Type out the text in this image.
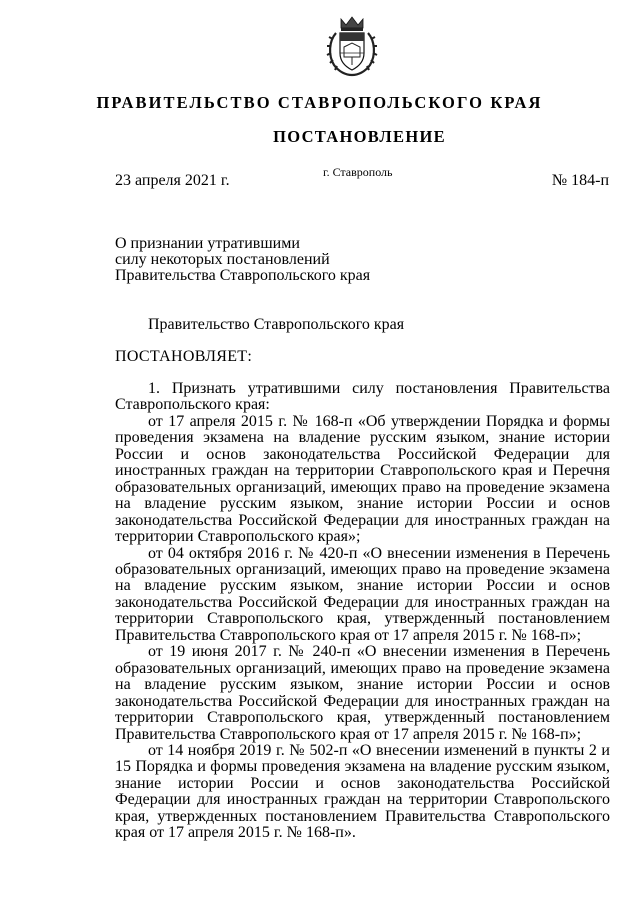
ПРАВИТЕЛЬСТВО СТАВРОПОЛЬСКОГО КРАЯ
ПОСТАНОВЛЕНИЕ
23 апреля 2021 г.	г. Ставрополь	№ 184-п
О признании утратившими
силу некоторых постановлений
Правительства Ставропольского края
Правительство Ставропольского края
ПОСТАНОВЛЯЕТ:

1. Признать утратившими силу постановления Правительства Ставропольского края:

от 17 апреля 2015 г. № 168-п «Об утверждении Порядка и формы проведения экзамена на владение русским языком, знание истории России и основ законодательства Российской Федерации для иностранных граждан на территории Ставропольского края и Перечня образовательных организаций, имеющих право на проведение экзамена на владение русским языком, знание истории России и основ законодательства Российской Федерации для иностранных граждан на территории Ставропольского края»;

от 04 октября 2016 г. № 420-п «О внесении изменения в Перечень образовательных организаций, имеющих право на проведение экзамена на владение русским языком, знание истории России и основ законодательства Российской Федерации для иностранных граждан на территории Ставропольского края, утвержденный постановлением Правительства Ставропольского края от 17 апреля 2015 г. № 168-п»;

от 19 июня 2017 г. № 240-п «О внесении изменения в Перечень образовательных организаций, имеющих право на проведение экзамена на владение русским языком, знание истории России и основ законодательства Российской Федерации для иностранных граждан на территории Ставропольского края, утвержденный постановлением Правительства Ставропольского края от 17 апреля 2015 г. № 168-п»;

от 14 ноября 2019 г. № 502-п «О внесении изменений в пункты 2 и 15 Порядка и формы проведения экзамена на владение русским языком, знание истории России и основ законодательства Российской Федерации для иностранных граждан на территории Ставропольского края, утвержденных постановлением Правительства Ставропольского края от 17 апреля 2015 г. № 168-п».
